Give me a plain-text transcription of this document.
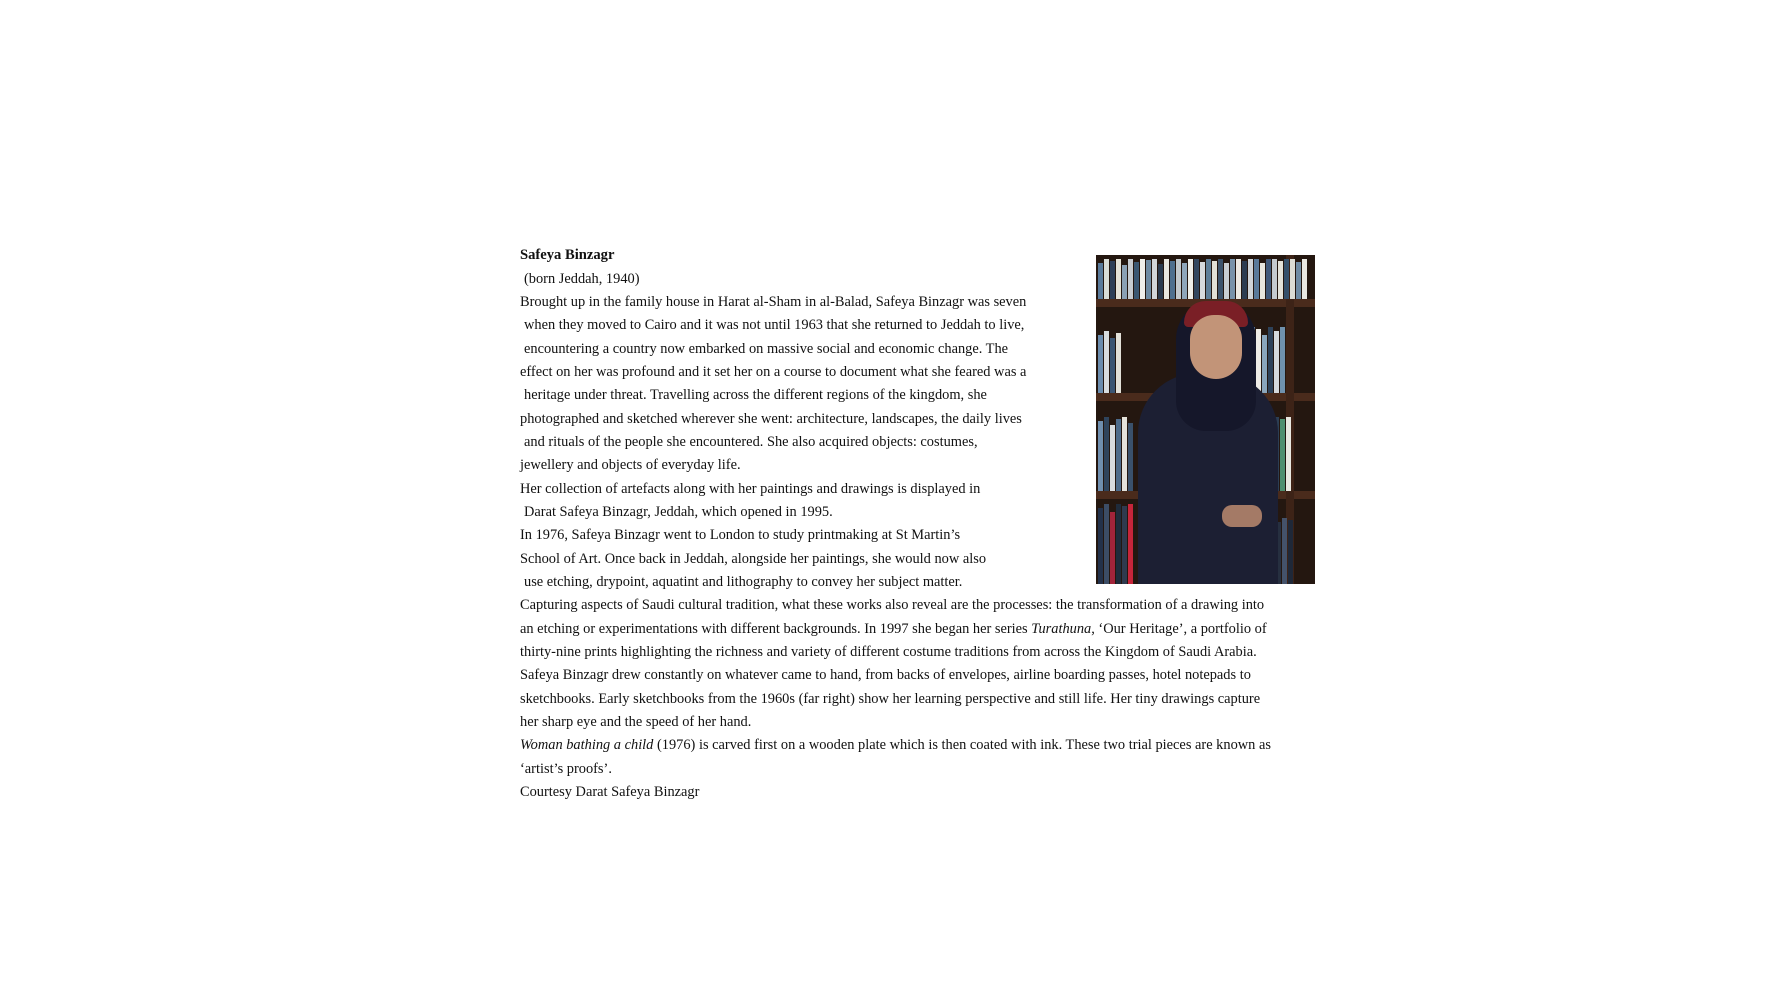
Safeya Binzagr
(born Jeddah, 1940)
Brought up in the family house in Harat al-Sham in al-Balad, Safeya Binzagr was seven
when they moved to Cairo and it was not until 1963 that she returned to Jeddah to live,
encountering a country now embarked on massive social and economic change. The
effect on her was profound and it set her on a course to document what she feared was a
heritage under threat. Travelling across the different regions of the kingdom, she
photographed and sketched wherever she went: architecture, landscapes, the daily lives
and rituals of the people she encountered. She also acquired objects: costumes,
jewellery and objects of everyday life.
Her collection of artefacts along with her paintings and drawings is displayed in
Darat Safeya Binzagr, Jeddah, which opened in 1995.
In 1976, Safeya Binzagr went to London to study printmaking at St Martin’s
School of Art. Once back in Jeddah, alongside her paintings, she would now also
use etching, drypoint, aquatint and lithography to convey her subject matter.
Capturing aspects of Saudi cultural tradition, what these works also reveal are the processes: the transformation of a drawing into
an etching or experimentations with different backgrounds. In 1997 she began her series Turathuna, ‘Our Heritage’, a portfolio of
thirty-nine prints highlighting the richness and variety of different costume traditions from across the Kingdom of Saudi Arabia.
Safeya Binzagr drew constantly on whatever came to hand, from backs of envelopes, airline boarding passes, hotel notepads to
sketchbooks. Early sketchbooks from the 1960s (far right) show her learning perspective and still life. Her tiny drawings capture
her sharp eye and the speed of her hand.
Woman bathing a child (1976) is carved first on a wooden plate which is then coated with ink. These two trial pieces are known as
‘artist’s proofs’.
Courtesy Darat Safeya Binzagr
